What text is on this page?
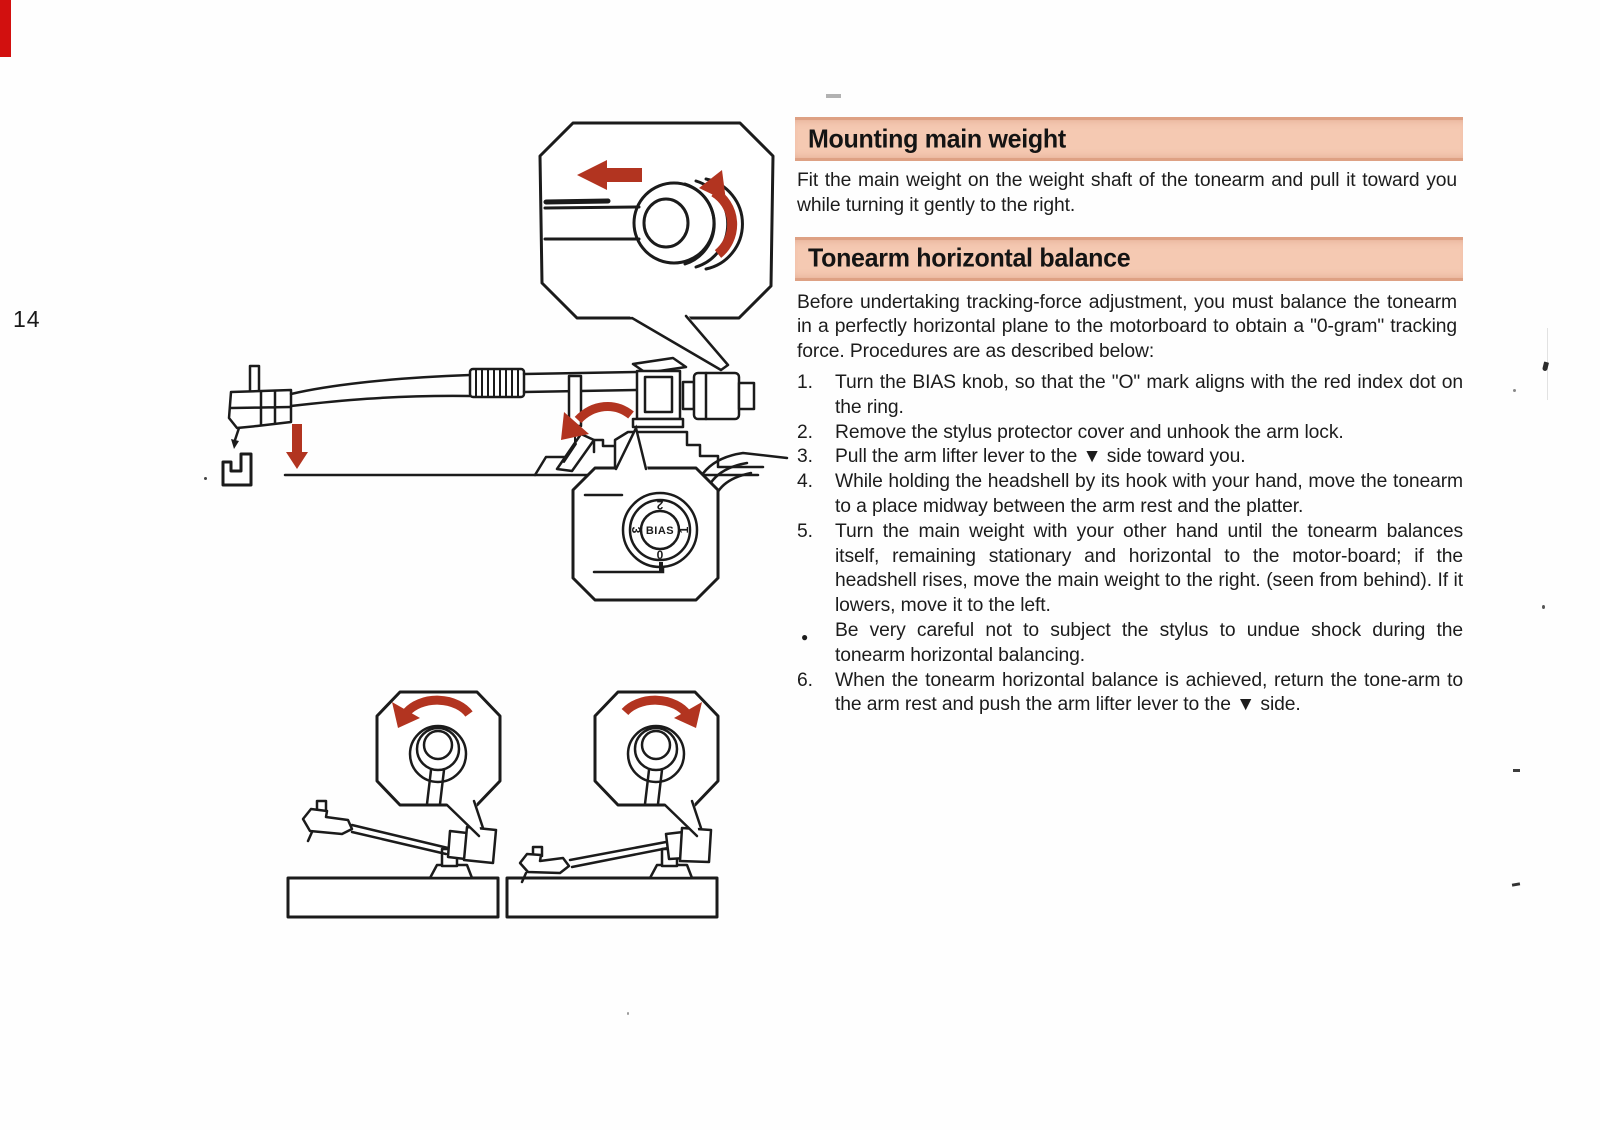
14
BIAS
2
3	1
0
Mounting main weight

Fit the main weight on the weight shaft of the tonearm and pull it toward you while turning it gently to the right.

Tonearm horizontal balance

Before undertaking tracking-force adjustment, you must balance the tonearm in a perfectly horizontal plane to the motorboard to obtain a "0-gram" tracking force. Procedures are as described below:

1.	Turn the BIAS knob, so that the "O" mark aligns with the red index dot on the ring.
2.	Remove the stylus protector cover and unhook the arm lock.
3.	Pull the arm lifter lever to the ▼ side toward you.
4.	While holding the headshell by its hook with your hand, move the tonearm to a place midway between the arm rest and the platter.
5.	Turn the main weight with your other hand until the tonearm balances itself, remaining stationary and horizontal to the motor-board; if the headshell rises, move the main weight to the right. (seen from behind). If it lowers, move it to the left.
●	Be very careful not to subject the stylus to undue shock during the tonearm horizontal balancing.
6.	When the tonearm horizontal balance is achieved, return the tone-arm to the arm rest and push the arm lifter lever to the ▼ side.
